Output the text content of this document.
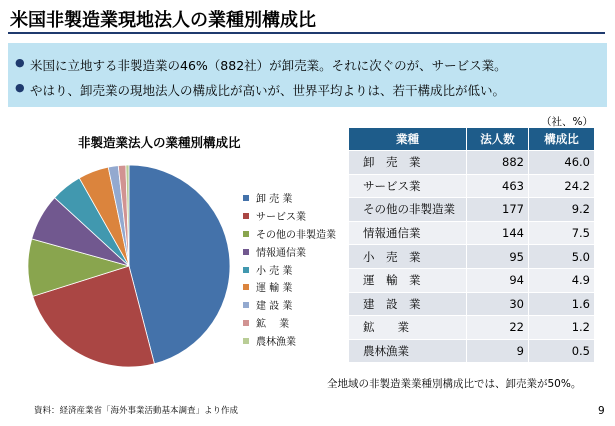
米国非製造業現地法人の業種別構成比
● 米国に立地する非製造業の46%（882社）が卸売業。それに次ぐのが、サービス業。
● やはり、卸売業の現地法人の構成比が高いが、世界平均よりは、若干構成比が低い。
非製造業法人の業種別構成比
卸 売 業
サービス業
その他の非製造業
情報通信業
小 売 業
運 輸 業
建 設 業
鉱　 業
農林漁業
（社、%）
業種	法人数	構成比
卸　売　業	882	46.0
サービス業	463	24.2
その他の非製造業	177	9.2
情報通信業	144	7.5
小　売　業	95	5.0
運　輸　業	94	4.9
建　設　業	30	1.6
鉱　　業	22	1.2
農林漁業	9	0.5
全地域の非製造業業種別構成比では、卸売業が50%。
資料：経済産業省「海外事業活動基本調査」より作成	9
